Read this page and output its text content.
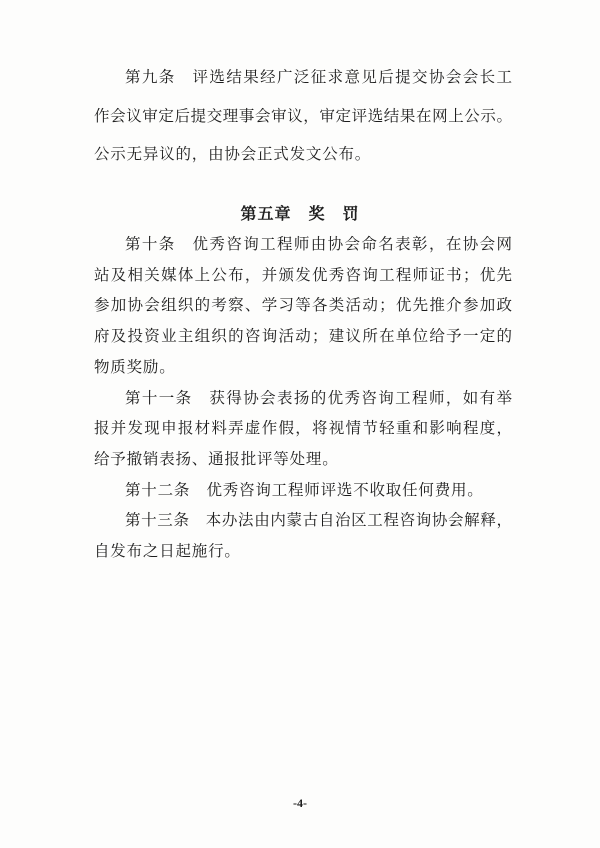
第九条　评选结果经广泛征求意见后提交协会会长工
作会议审定后提交理事会审议，审定评选结果在网上公示。
公示无异议的，由协会正式发文公布。
第五章　奖　罚
第十条　优秀咨询工程师由协会命名表彰，在协会网
站及相关媒体上公布，并颁发优秀咨询工程师证书；优先
参加协会组织的考察、学习等各类活动；优先推介参加政
府及投资业主组织的咨询活动；建议所在单位给予一定的
物质奖励。
第十一条　获得协会表扬的优秀咨询工程师，如有举
报并发现申报材料弄虚作假，将视情节轻重和影响程度，
给予撤销表扬、通报批评等处理。
第十二条　优秀咨询工程师评选不收取任何费用。
第十三条　本办法由内蒙古自治区工程咨询协会解释，
自发布之日起施行。
-4-
